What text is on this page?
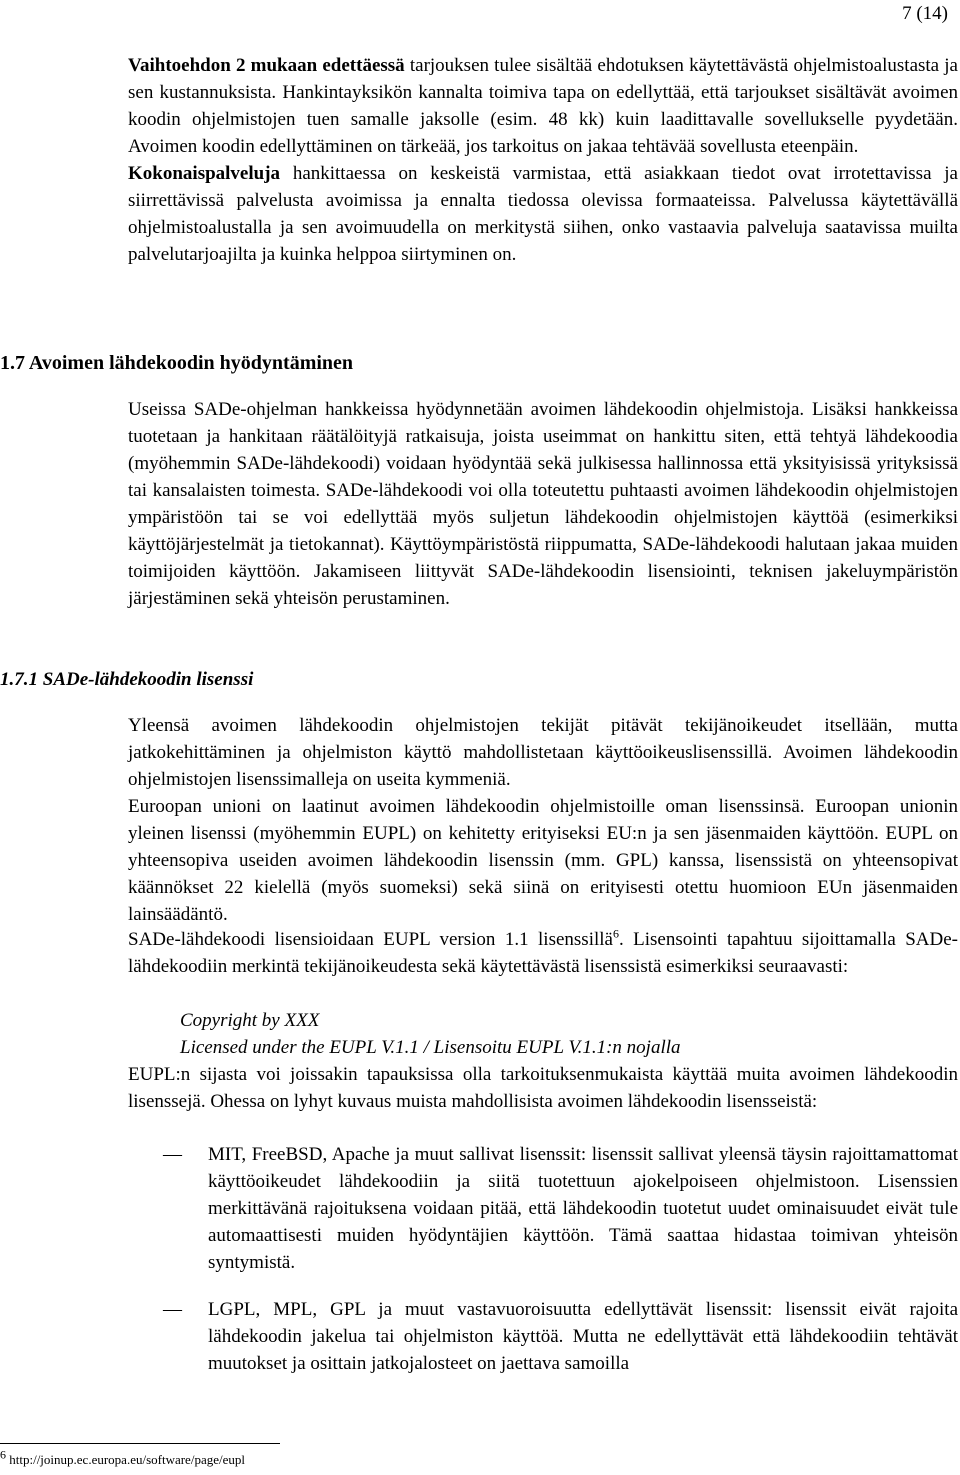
7 (14)

Vaihtoehdon 2 mukaan edettäessä tarjouksen tulee sisältää ehdotuksen käytettävästä ohjelmistoalustasta ja sen kustannuksista. Hankintayksikön kannalta toimiva tapa on edellyttää, että tarjoukset sisältävät avoimen koodin ohjelmistojen tuen samalle jaksolle (esim. 48 kk) kuin laadittavalle sovellukselle pyydetään. Avoimen koodin edellyttäminen on tärkeää, jos tarkoitus on jakaa tehtävää sovellusta eteenpäin.
Kokonaispalveluja hankittaessa on keskeistä varmistaa, että asiakkaan tiedot ovat irrotettavissa ja siirrettävissä palvelusta avoimissa ja ennalta tiedossa olevissa formaateissa. Palvelussa käytettävällä ohjelmistoalustalla ja sen avoimuudella on merkitystä siihen, onko vastaavia palveluja saatavissa muilta palvelutarjoajilta ja kuinka helppoa siirtyminen on.

1.7 Avoimen lähdekoodin hyödyntäminen

Useissa SADe-ohjelman hankkeissa hyödynnetään avoimen lähdekoodin ohjelmistoja. Lisäksi hankkeissa tuotetaan ja hankitaan räätälöityjä ratkaisuja, joista useimmat on hankittu siten, että tehtyä lähdekoodia (myöhemmin SADe-lähdekoodi) voidaan hyödyntää sekä julkisessa hallinnossa että yksityisissä yrityksissä tai kansalaisten toimesta. SADe-lähdekoodi voi olla toteutettu puhtaasti avoimen lähdekoodin ohjelmistojen ympäristöön tai se voi edellyttää myös suljetun lähdekoodin ohjelmistojen käyttöä (esimerkiksi käyttöjärjestelmät ja tietokannat). Käyttöympäristöstä riippumatta, SADe-lähdekoodi halutaan jakaa muiden toimijoiden käyttöön. Jakamiseen liittyvät SADe-lähdekoodin lisensiointi, teknisen jakeluympäristön järjestäminen sekä yhteisön perustaminen.

1.7.1 SADe-lähdekoodin lisenssi

Yleensä avoimen lähdekoodin ohjelmistojen tekijät pitävät tekijänoikeudet itsellään, mutta jatkokehittäminen ja ohjelmiston käyttö mahdollistetaan käyttöoikeuslisenssillä. Avoimen lähdekoodin ohjelmistojen lisenssimalleja on useita kymmeniä.

Euroopan unioni on laatinut avoimen lähdekoodin ohjelmistoille oman lisenssinsä. Euroopan unionin yleinen lisenssi (myöhemmin EUPL) on kehitetty erityiseksi EU:n ja sen jäsenmaiden käyttöön. EUPL on yhteensopiva useiden avoimen lähdekoodin lisenssin (mm. GPL) kanssa, lisenssistä on yhteensopivat käännökset 22 kielellä (myös suomeksi) sekä siinä on erityisesti otettu huomioon EUn jäsenmaiden lainsäädäntö.

SADe-lähdekoodi lisensioidaan EUPL version 1.1 lisenssillä$^6$. Lisensointi tapahtuu sijoittamalla SADe-lähdekoodiin merkintä tekijänoikeudesta sekä käytettävästä lisenssistä esimerkiksi seuraavasti:

Copyright by XXX

Licensed under the EUPL V.1.1 / Lisensoitu EUPL V.1.1:n nojalla

EUPL:n sijasta voi joissakin tapauksissa olla tarkoituksenmukaista käyttää muita avoimen lähdekoodin lisenssejä. Ohessa on lyhyt kuvaus muista mahdollisista avoimen lähdekoodin lisensseistä:

—	MIT, FreeBSD, Apache ja muut sallivat lisenssit: lisenssit sallivat yleensä täysin rajoittamattomat käyttöoikeudet lähdekoodiin ja siitä tuotettuun ajokelpoiseen ohjelmistoon. Lisenssien merkittävänä rajoituksena voidaan pitää, että lähdekoodin tuotetut uudet ominaisuudet eivät tule automaattisesti muiden hyödyntäjien käyttöön. Tämä saattaa hidastaa toimivan yhteisön syntymistä.
—	LGPL, MPL, GPL ja muut vastavuoroisuutta edellyttävät lisenssit: lisenssit eivät rajoita lähdekoodin jakelua tai ohjelmiston käyttöä. Mutta ne edellyttävät että lähdekoodiin tehtävät muutokset ja osittain jatkojalosteet on jaettava samoilla
$^6$ http://joinup.ec.europa.eu/software/page/eupl
